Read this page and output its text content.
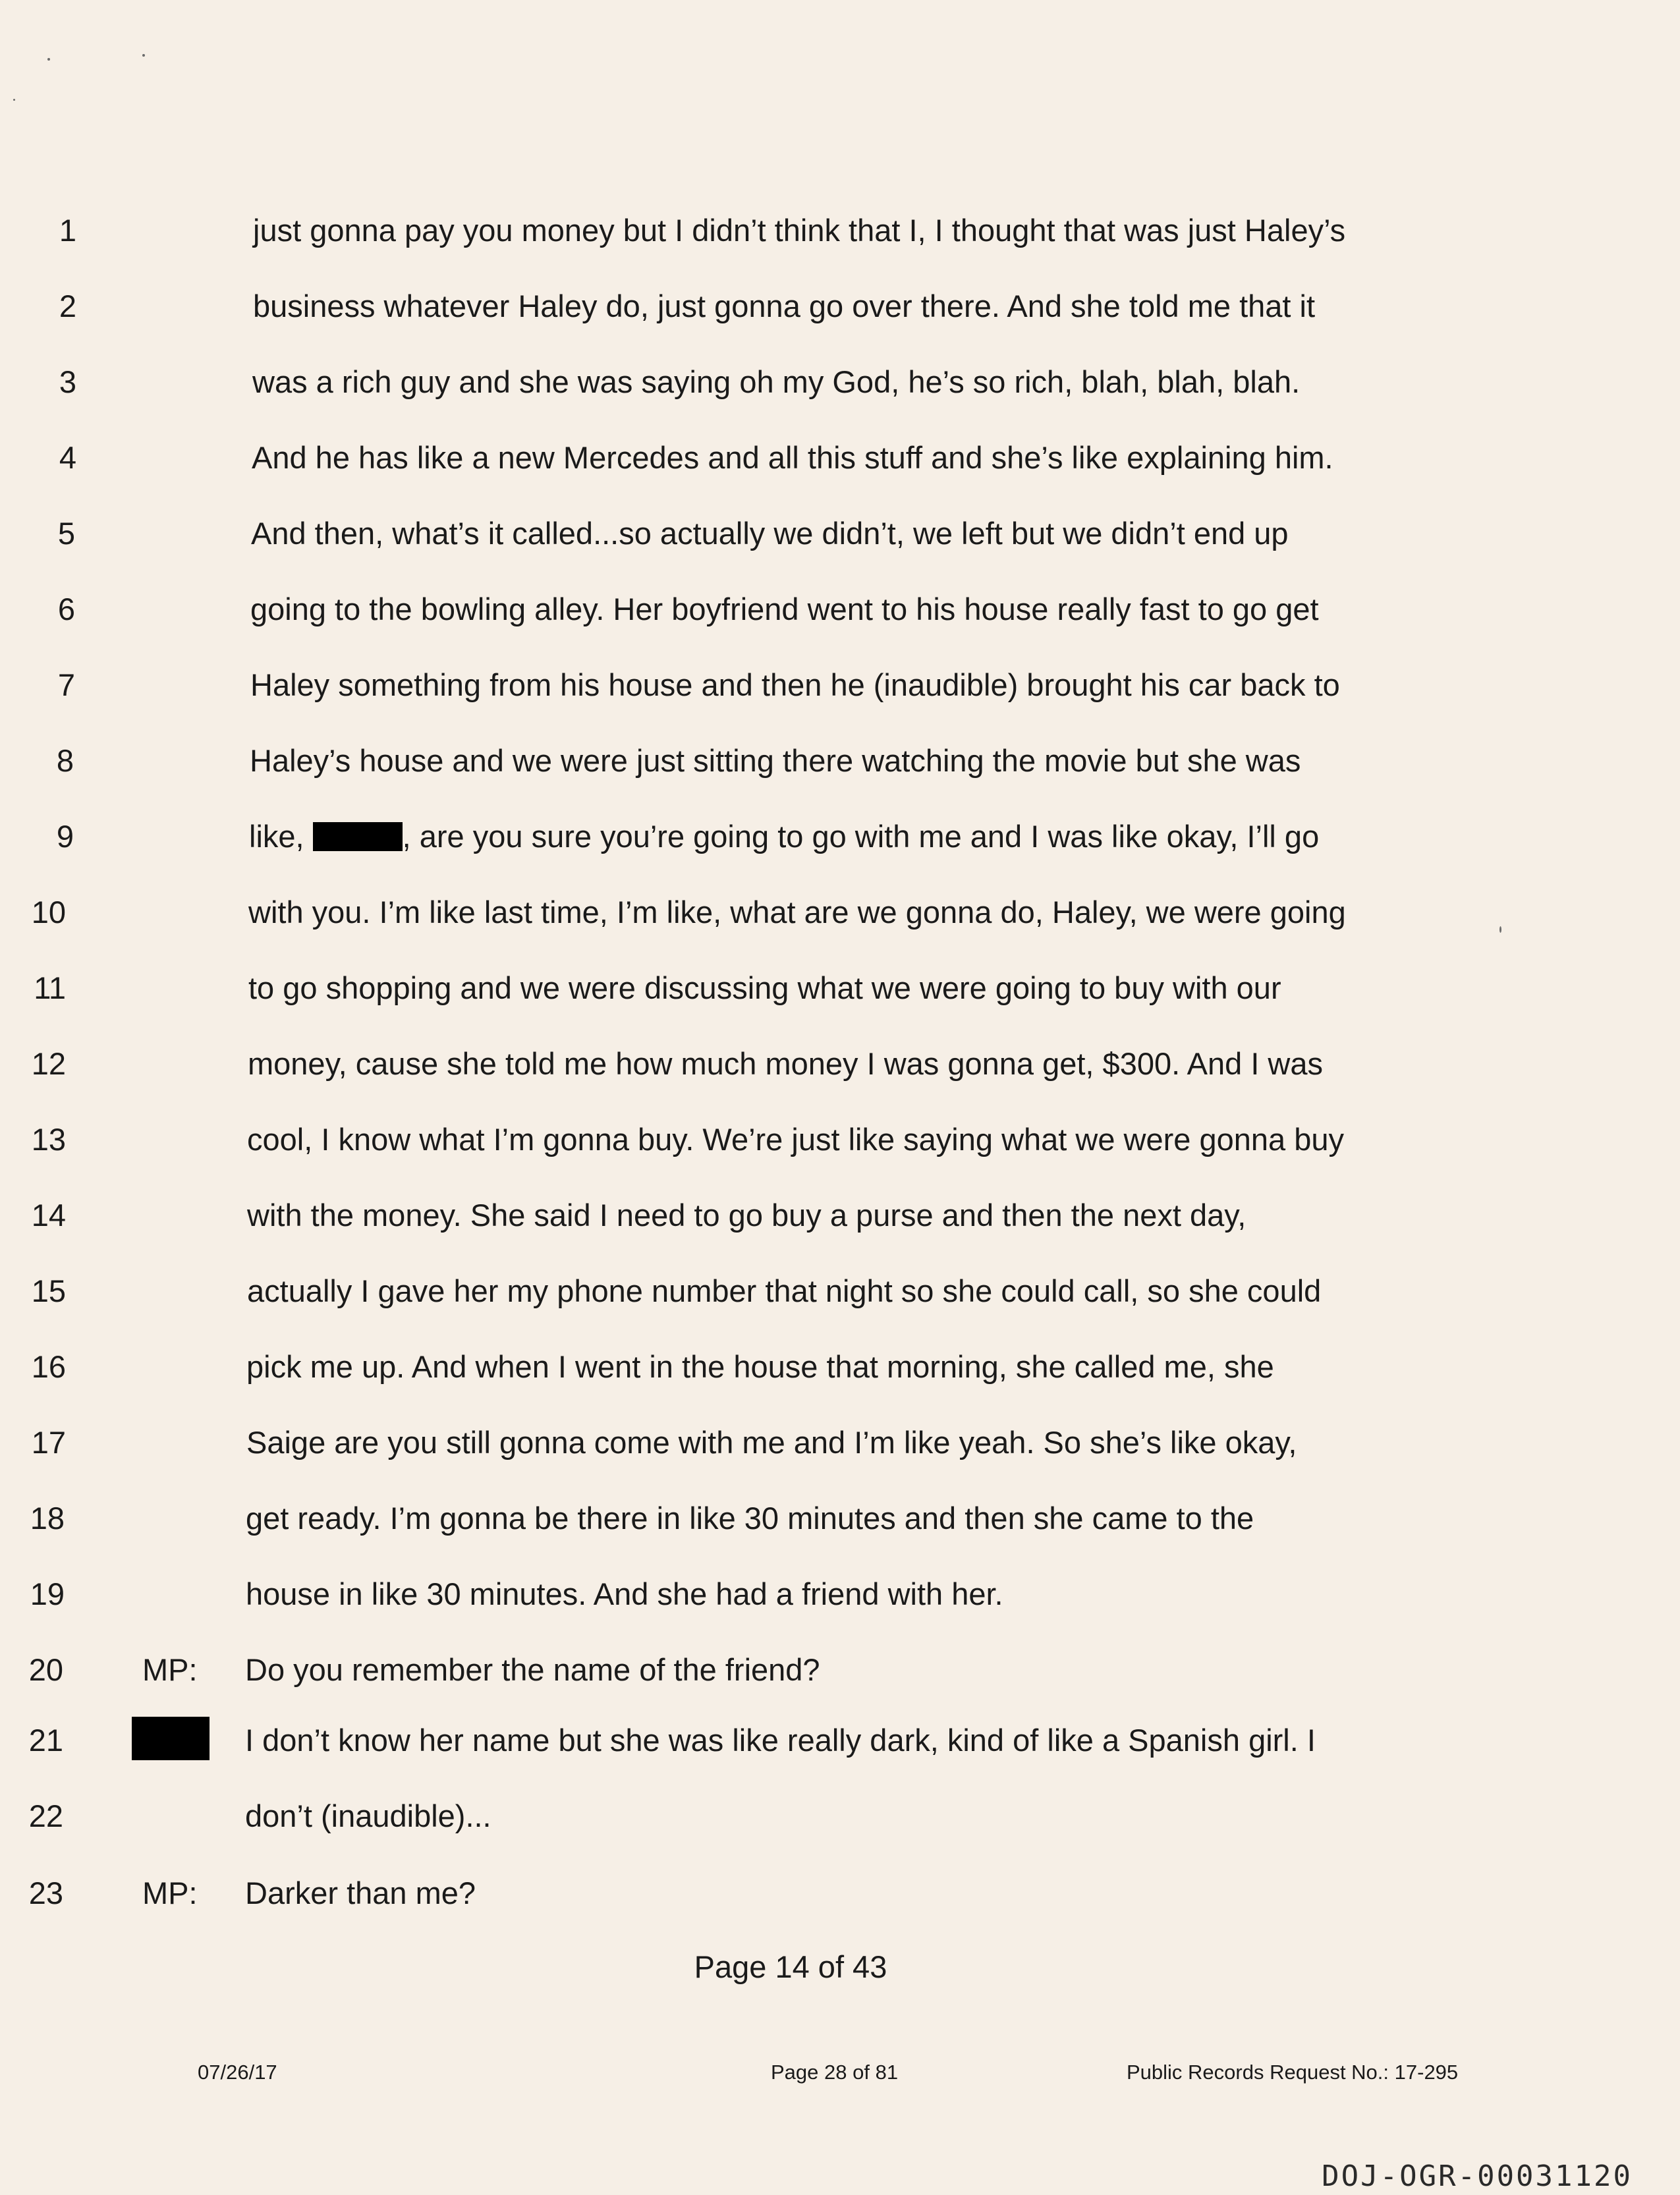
1	just gonna pay you money but I didn’t think that I, I thought that was just Haley’s
2	business whatever Haley do, just gonna go over there. And she told me that it
3	was a rich guy and she was saying oh my God, he’s so rich, blah, blah, blah.
4	And he has like a new Mercedes and all this stuff and she’s like explaining him.
5	And then, what’s it called...so actually we didn’t, we left but we didn’t end up
6	going to the bowling alley. Her boyfriend went to his house really fast to go get
7	Haley something from his house and then he (inaudible) brought his car back to
8	Haley’s house and we were just sitting there watching the movie but she was
9	like,	, are you sure you’re going to go with me and I was like okay, I’ll go
10	with you. I’m like last time, I’m like, what are we gonna do, Haley, we were going
11	to go shopping and we were discussing what we were going to buy with our
12	money, cause she told me how much money I was gonna get, $300. And I was
13	cool, I know what I’m gonna buy. We’re just like saying what we were gonna buy
14	with the money. She said I need to go buy a purse and then the next day,
15	actually I gave her my phone number that night so she could call, so she could
16	pick me up. And when I went in the house that morning, she called me, she
17	Saige are you still gonna come with me and I’m like yeah. So she’s like okay,
18	get ready. I’m gonna be there in like 30 minutes and then she came to the
19	house in like 30 minutes. And she had a friend with her.
20	MP: Do you remember the name of the friend?
21	I don’t know her name but she was like really dark, kind of like a Spanish girl. I
22	don’t (inaudible)...
23	MP: Darker than me?
Page 14 of 43
07/26/17	Page 28 of 81	Public Records Request No.: 17-295
DOJ-OGR-00031120
